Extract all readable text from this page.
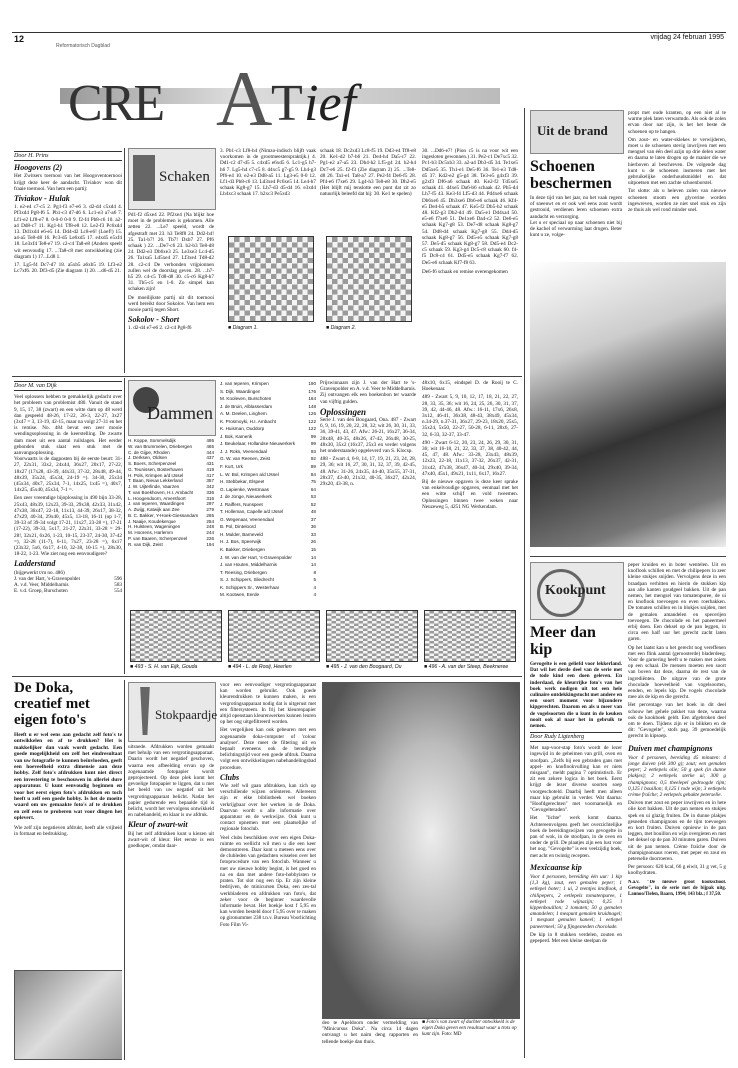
12	vrijdag 24 februari 1995
Reformatorisch Dagblad
CRE A
T ief
Door H. Prins
Hoogovens (2)
Het Zwitsers toernooi van het Hoogoventoernooi krijgt deze keer de aandacht. Tiviakov won dit fraaie toernooi. Van hem een partij:
Tiviakov - Hulak
1. e2-e4 c7-c5 2. Pg1-f3 e7-e6 3. d2-d4 c5xd4 4. Pf3xd4 Pg8-f6 5. Pb1-c3 d7-d6 6. Lc1-e3 a7-a6 7. Lf1-e2 Lf8-e7 8. 0-0-0 0-0 9. f2-f4 Pb8-c6 10. a2-a4 Dd8-c7 11. Kg1-h1 Tf8-e8 12. Le2-f3 Pc6xd4 13. Dd1xd4 e6-e5 14. Dd4-d2 Lc8-e6! (Loef!) 15. a4-a5 Te8-d8 16. Pc3-d5 Le6xd5 17. e4xd5 e5xf4 18. Le3xf4 Te8-e7 19. c2-c4 Ta8-e8 (Anders speelt wit eenvoudig 17. ...Ta8-c8 met ontwikkeling (zie diagram 1) 17...Ld8 1.
17. Lg5-f4 Dc7-d7 18. a5xb5 a6xb5 19. Lf3-e2 Lc7xf6. 20. Df3-d5 (Zie diagram 1) 20. ...d6-d5 21.
Schaken
Pd1-f2 d5xe4 22. Pf2xe4 (Na blijkt hoe moet in de problemen is gekomen. Alle zetten 22. ...Le7 speeld, wordt de afgestraft met 23. h3 Te8f8 24. Dd2-b4! 25. Ta1-b7! 26. Tb7! Dxb7 27. Pf6 schaak ) 22. ...De7-c6 23. b2-b3 Te8-d8 24. Dd2-e3 Db6xe3 25. Le3xe3 Lc4-d5 26. Ta1xa5 Ld5xe4 27. Lf3xe4 Td8-d2 28. c2-c4 De verbonden vrijpionnen zullen wel de doorslag geven. 28. ...h7-h5 29. c4-c5 Td8-d8 30. c5-c6 Kg8-h7 31. Tb5-c5 en 1-0. Zo simpel kan schaken zijn!
De moeilijkste partij uit dit toernooi werd bereikt door Sokolov. Van hem een mooie partij tegen Short.
Sokolov - Short
1. d2-d4 e7-e6 2. c2-c4 Pg8-f6
3. Pb1-c3 Lf8-b4 (Nimzo-indisch blijft vaak voorkomen in de grootmeesterspraktijk.) 4. Dd1-c2 d7-d5 5. c4xd5 e6xd5 6. Lc1-g5 h7-h6 7. Lg5-h4 c7-c5 8. d4xc5 g7-g5 9. Lh4-g3 Pf6-e4 10. e2-e3 Dd8-a5 11. Lg3-e5 0-0 12. Lf1-d3 Pb8-c6 13. Ld3xe4 Pc6xe5 14. Le4-h7 schaak Kg8-g7 15. Lh7-d3 d5-d4 16. e3xd4 Lb4xc3 schaak 17. b2xc3 Pe5xd3
schaak 18. Dc2xd3 Lc8-f5 19. Dd3-e4 Tf8-e8 20. Ke1-d2 b7-b6 21. De4-h4 Da5-c7 22. Pg1-e2 a7-a5 23. Dh4-h2 Lf5-g4 24. h2-h4 Dc7-e6 25. f2-f3 (Zie diagram 2) 25. ...Te8-d8 26. Ta1-e1 Ta8-a7 27. Pe2-f4 De6-f5 28. Pf4-e6 f7xe6 29. Lg4-h3 Te8-e8 30. Dh2-e5 (Het blijft mij tenslotte een punt dat zit zo natuurlijk beleefd dat hij: 30. Ke1 te spelen)
■ Diagram 1.	■ Diagram 2.
30. ...Dd6-e7! (Pion c5 is na voor wit een ingesloten gewonnen.) 31. Pe2-c1 De7xc5 32. Pc1-b3 Dc5xb3 33. a2-a4 Db3-d5 34. Te1xe5 Dd5xe5 35. Th1-e1 De5-f6 36. Te1-e3 Td8-d5 37. Kd2-e2 g5-g4 38. Te3-e5 g4xf3 39. g2xf3 Df6-a6 schaak 40. Ke2-f2 Td5xe5 schaak 41. d4xe5 Da6-b6 schaak 42. Pb5-d4 Lh7-f5 43. Ke3-f4 Lf5-d3 44. Pd4xe6 schaak Db6xe6 45. Dh3xe6 Db6-e6 schaak 46. Kf4-e5 De4-b5 schaak 47. Ke5-f2 Db5-b2 schaak 48. Kf2-g3 Db2-d4 49. Da5-e1 Dd4xa4 50. e5-e6 f7xe6 51. De1xe6 Da4-c2 52. De6-e5 schaak Kg7-g8 53. De7-d8 schaak Kg8-g7 54. Dd8-d4 schaak Kg7-g8 55. Dd4-d5 schaak Kg8-g7 56. Dd5-e5 schaak Kg7-g8 57. De5-d5 schaak Kg8-g7 58. Dd5-e4 Dc2-c5 schaak 59. Kg3-g4 Dc5-c8 schaak 60. f4-f5 Dc8-c4 61. Dd5-e5 schaak Kg7-f7 62. De5-e6 schaak Kf7-f8 63.
De6-f6 schaak en remise overengekomen
Door M. van Dijk
Veel oplossers hebben te gemakkelijk gedacht over het probleem van problemist 480. Vanuit de stand 9, 15, 17, 38 (zwart) en een witte dam op 48 werd dan gespeeld 48-26, 17-22, 26-3, 22-27, 3x27 (3x47 = 3, 13-19, 42-15, maar na volgt 27-31 en het is remise. No. 484 bevat een zeer mooie wendingsoplossing in de keerstelling. De zwarte dam moet uit een aantal ruilslagen. Het eerder gebonden stuk slaat een stuk met de aanvangsoplossing.
Voorwaarts is de dagposten bij de eerste beurt: 31-27, 22x31, 33x2, 24x44, 36x27, 20x17, 27-22, 18x27 (17x28, 43-39, 44x33, 37-32, 28x48, 49-44, 48x39, 35x24, 45x34, 24-19 =). 34-30, 25x34 (45x34, 40x7, 25x34, 7-1, 14x25, 1x45 =), 40x7, 14x25, 45x40, 45x34, 7-1 =.
Een zeer vreemdige bijoplossing in 490 bijn 33-28, 25x43, 48x39, 12x23, 39-33, 29x38, 42x33, 31x42, 47x38, 36x47, 22-18, 11x13, 44-39, 26x17, 38-32, 47x29, 40-34, 29x40, 45x5, 13-18, 16-11 (op 1-7, 39-33 of 39-34 volgt 17-21, 11x27, 23-28 =), 17-21 (17-22), 39-33, 5x17, 21-27, 22x31, 33-28 = 29-28!, 32x21, 6x26, 1-23, 10-15, 23-37, 24-30, 37-42 =), 32-28 (11-7), 6-11, 7x27, 23-28 =), 6x17 (23x32, 5x6, 6x17, 4-10, 32-38, 10-15 =), 28x30, 18-22, 1-23. Wie ziet nog een eenvoudigere?
Ladderstand
(bijgewerkt t/m no. 486)
J. van der Hart, 's-Gravenpolder	596
A. v.d. Veer, Middelharnis	583
E. v.d. Groep, Burschoten	554
Dammen
H. Koppe, Sommelsdijk	495
W. van Brummelen, Driebergen	465
C. de Gijpe, Rhoden	444
J. Derksen, Oldsen	437
S. Boers, Scherpenzeel	431
G. Teunissen, Bosterhaven	419
H. Pols, Krimpen a/d IJssel	417
T. Baan, Nieuw Lekkerland	357
J. W. Uijterlinde, Vaarzen	342
T. van Boekhoven, H.I. Ambacht	336
L. Hoogendoorn, Amersfoort	316
J. van Ieperen, Waardingen	297
A. Zwijg, Katwijk aan Zee	279
B. C. Bakker, Y-Hoek-Giessandam 265
J. Naaije, Koudekerque	254
H. Hulsteen, Wageningen	248
M. Hoorens, Harlemm	244
P. van Baaren, Scherpenzeel	226
R. van Dijk, Zeist	194
J. van Ieperen, Krimpen	190
S. Dijk, Waardingen	176
M. Kooleven, Burschoten	164
J. de Bruin, Alblasserdam	148
A. M. Deelen, Linghem	126
K. Prosmoyki, H.I. Ambacht	122
K. Huisman, Ouddorp	122
J. Bok, Kamerik	99
J. Beukelaar, Hollandse Nieuwerkerk	99
J. J. Roks, Veenendaal	93
G. W. van Reenen, Zeist	92
F. Kurt, Urk	89
L. W. Bol, Krimpen a/d IJssel	84
H. Stebbekar, Elspeet	75
G. Lapienke, Westmaas	64
J. de Jonge, Nieuwerkerk	53
J. Raiffers, Nunspeet	52
T. Holleman, Capelle a/d IJssel	48
G. Wegenaar, Veenendaal	37
B. Pol, Dinteloord	36
H. Mulder, Barneveld	33
H. J. Bos, Speerwijk	26
K. Bakker, Driebergen	15
J. W. van der Hart, 's-Gravenpolder	14
J. van Houten, Middelharnis	14
T. Reesing, Driebergen	8
S. J. Schippers, Sliedrecht	5
K. Schippers Sr., Westerhaar	4
M. Kootwen, Eerde	4
Prijswinnaars zijn J. van der Hart te 's-Gravenpolder en A. v.d. Veer te Middelharnis. Zij ontvangen elk een boekenbon ter waarde van vijftig gulden.
Oplossingen
Serie J. van den Boogaard, Ona. 487 - Zwart 6, 9, 16, 19, 20, 22, 28, 32; wit 26, 30, 31, 33, 36, 39-41, 43, 47. Afw.: 26-21, 16x27, 36-34, 28x48, 40-35, 48x26, 47-42, 26x48, 30-25, 48x30, 35x2 (16x37, 25x3 en verder volgens het onderstaande) opgeleverd van S. Klocsp.
488 - Zwart 4, 6-8, 14, 17, 19, 21, 23, 24, 28, 29, 36; wit 16, 27, 30, 31, 32, 37, 39, 42-45, 48. Afw.: 31-26, 24x35, 44-40, 35x55, 37-31, 28x37, 43-40, 21x32, 40-35, 36x27, 42x24, 29x20, 43-38, n.
48x10, 6x15, eindspel D. de Rooij te C. Hoekenaar.
489 - Zwart 5, 9, 10, 12, 17, 18, 21, 22, 27, 28, 33, 35, 36; wit 16, 24, 25, 26, 30, 31, 37, 39, 42, 44-46, 48. Afw.: 16-11, 17x6, 26x8, 3x12, 46-41, 36x38, 48-43, 38x49, 45x34, n.34-29, n.37-31, 36x27, 29-23, 18x20, 25x5, 35x24, 5x50, 22-27, 50-28, 6-11, 28x6, 27-32, 6-33, 32-37, 33-47.
490 - Zwart 6-12, 20, 23, 24, 26, 29, 30, 31, 36; wit 16-18, 21, 22, 33, 37, 38, 40-42, 44, 45, 47, 48. Afw.: 33-28, 23x43, 48x39, 12x23, 22-18, 11x13, 37-32, 26x37, 42-31, 31x42, 47x38, 36x47, 40-34, 29x40, 39-34, 47x40, 45x1, 49x21, 1x11, 6x17, 16x27.
Bij de nieuwe opgaven is deze keer sprake van enkelvoudige opgaven, eenmaal met het een witte schijf en vold tweemen. Oplossingen binnen twee weken naar Neuzeweg 5, 4251 NG Werkendam.
■ 493 - S. H. van Eijk, Gouda	■ 494 - L. de Rooij, Heerlen	■ 495 - J. van den Boogaard, Ou	■ 496 - A. van der Steep, Beekneree
De Doka, creatief met eigen foto's
Heeft u er wel eens aan gedacht zelf foto's te ontwikkelen en af te drukken? Het is makkelijker dan vaak wordt gedacht. Een goede mogelijkheid om zelf het eindresultaat van uw fotografie te kunnen beïnvloeden, geeft een hoeveelheid extra dimensie aan deze hobby. Zelf foto's afdrukken kunt niet direct een investering te beschouwen in allerlei dure apparatuur. U kunt eenvoudig beginnen en voor het eerst eigen foto's afdrukken en toch heeft u zelf een goede hobby. Is het de moeite waard om uw gemaakte foto's af te drukken en zelf eens te proberen wat voor dingen het oplevert.
Wie zelf zijn negatieven afdrukt, heeft alle vrijheid in formaat en bedrukking.
Stokpaardje
uitsnede. Afdrukken worden gemaakt met behulp van een vergrotingsapparaat. Daarin wordt het negatief geschoven, waarna een afbeelding ervan op de zogenaamde fotopapier wordt geprojecteerd. Op deze plek komt het gevoelige fotopapier te liggen, dat u met het beeld van uw negatief uit het vergrotingsapparaat belicht. Nadat het papier gedurende een bepaalde tijd is belicht, wordt het vervolgens ontwikkeld en nabehandeld, en klaar is uw afdruk.
Kleur of zwart-wit
Bij het zelf afdrukken kunt u kiezen uit zwart-wit of kleur. Het eerste is een goedkoper, omdat daar-
voor een eenvoudiger vergrotingsapparaat kan worden gebruikt. Ook goede kleurendrukken te kunnen maken, is een vergrotingsapparaat nodig dat is uitgerust met een filtersysteem. In frij het kleurenpapier altijd openstaan kleurenwerken kunnen leuren op het oog uitgefiltreerd worden.
Het vergelijken kan ook gebeuren met een zogenaamde doka-computer of 'colour analyser'. Deze meet de filtering uit en bepaalt eveneens ook de benodigde belichtingstijd voor een goede afdruk. Daarna volgt een ontwikkelingsen nabehandelingsbad procedure.
Clubs
Wie zelf wil gaan afdrukken, kan zich op verschillende wijzen oriënteren. Allereerst zijn er elke bibliotheek wel boeken verkrijgbaar over het werken in de Doka. Daarvan wordt u alle informatie over apparatuur en de werkwijze. Ook kunt u contact opnemen met een plaatselijke of regionale fotoclub.
Veel clubs beschikken over een eigen Doka-ruimte en wellicht wil men u die een keer demonstreren. Daar kunt u meteen eens over de clubleden van gedachten wisselen over het fotoprocedure van een fotoclub. Wanneer u met uw nieuwe hobby begint, is het goed en na en dan met andere foto-hobbyisten te praten. Tot slot nog een tip. Er zijn kleine bedrijven, de minicursen Doka, een zes-tal werkbladeren en afdrukken van foto's, dat zeker voor de beginner waardevolle informatie bevat. Het boekje kost f 5,95 en kan worden besteld door f 5,95 over te maken op gironummer 238 t.n.v. Bureau Voorlichting Foto Film Vi-
deo te Apeldoorn onder vermelding van "Minicursus Doka". Na circa 14 dagen ontvangt u het naim deng rapporten en tellende boekje dan thuis.
■ Foto's van zwart of duchter ontwikkeld is de eigen Doka geven een resultaat waar u trots op kunt zijn. Foto: MD
Uit de brand
Schoenen beschermen
In deze tijd van het jaar, nu het vaak regent of sneeuwt en er ook wel eens zout wordt gestrooid, verdienen leren schoenen extra aandacht en verzorging.
Let u er speciaal op naar schoenen niet bij de kachel of verwarming laat drogen. Beter kunt u ze, volge-
propt met oude kranten, op een niet al te warme plek laten verwarmdn. Als ook de zolen ervan door nat zijn, is het het beste de schoenen op te hangen.
Om zout- en water-sklekes te verwijderen, moet u de schoenen stevig inwrijven met een mengsel van één deel azijn op drie delen water en daarna te laten drogen op de manier die we hierboven al beschreven. De volgende dag kunt u de schoenen insmeren met het gebruikelijke onderhoudsmiddel en dat uitpoetsen met een zachte schoenborstel.
Tot slotte: als u heleven zolen van nieuwe schoenen stoom een glycerine worden ingewreven, worden ze niet snel stuk en zijn ze thuis als wel rond minder snel.
Kookpunt
Meer dan kip
Gevogelte is een geliefd voor lekkerland. Dat wil het derde deel van de serie met de tode kind een doen geleven. En inderdaad, de kleurrijke foto's van het boek werk nodigen uit tot een hele culinaire ontdekkingstocht met andere en een soort moment voor bijzondere kipgerechten. Daarom en als u meer van de vogelsoorten die u kunt in de keuken nooit ook al naar het in gebruik te nemen.
Door Rudy Ligtenberg
Met nap-voor-stap foto's wordt de lezer ingewijd in de geheimen van grill, oven en stoofpan. „Zelfs bij een gebraden gans met appel- en knoflookvulling kan er niets misgaan", meldt pagina 7 optimistisch. Er zit een zekere logica in het boek. Eerst krijgt de lezer diverse soorten soep voorgeschoteld. Daarbij heeft men alleen maar kip gebruikt in verder. Wat daarna: "Hoofdgerechten" met voornamelijk en "Gevogelteraden".
Het "lichte" werk komt daarna. Achtereenvolgens geeft het overzichtelijke boek de bereidingswijzen van gevogelte in pan of wok, in de stoofpan, in de oven en onder de grill. De plaatjes zijn een lust voor het oog. "Gevogelte" is een veelzijdig boek, met acht en twintig recepten.
Mexicaanse kip
Voor 4 personen, bereiding één uur: 1 kip (1,3 kg), zout, een gemalen peper; 1 eetlepel boter; 1 ui, 2 teentjes knoflook, 4 chilipepers, 2 eetlepels tomatenpuree, 1 eetlepel rode wijnazijn; 0,25 l kippenbouillon; 2 tomaten; 50 g gemalen amandelen; 1 mespunt gemalen kruidnagel; 1 mespunt gemalen kaneel; 1 eetlepel paneermeel; 50 g fijngesneden chocolade.
De kip in 8 stukken verdelen, zouten en gepeperd. Met een kleine steelpan de
peper kruiden en in boter wentelen. Uit en knoflook schillen en met de chilipepers in zeer kleine stukjes snijden. Vervolgens deze in een braadpan verhitten en hierin de stukken kip aan alle kanten goudgeel bakken. Uit de pan nemen, het mengsel van tomatenpuree, de ui en knoflook toevoegen en even roerbakken. De tomaten schillen en in blokjes snijden, met de gemalen amandelen en specerijen toevoegen. De chocolade en het paneermeel erbij doen. Een deksel op de pan leggen, in circa een half uur het gerecht zacht laten garen.
Op het laatst kan u het gerecht nog vereffenen met een flink aantal (geroosterde) bladerdeeg. Voor de garnering heeft u te maken met zoiets op een schaal. De mensen moeten een soort van boven dat deze, daarna de rest van de ingrediënten. De uitgave van de grote chocolade hoeveelheid van vogelsoorten, eenden, en lepels kip. De vogels chocolade mee als de kip en die gerecht.
Het percentage van het boek in dit deel schouw het gehele pakket van deze, waarna ook de kookboek geldt. Een afgebroken deel om te doen. Tijdens zijn er in blikken en de dit: "Gevogelte", stofs pag. 39 gemoedelijk gerecht in kipsoep.
Duiven met champignons
Voor 4 personen, bereiding 45 minuten: 4 jonge duiven (elk 300 g); zout; een gemalen peper; 2 eetlepels olie; 50 g spek (in dunne plakjes); 2 eetlepels sterke ui; 300 g champignons; 0,5 theelepel gedroogde tijm; 0,125 l bouillon; 0,125 l rode wijn; 3 eetlepels crème fraîche; 2 eetlepels gehakte peterselie.
Duiven met zout en peper inwrijven en in hete olie kort bakken. Uit de pan nemen en stukjes spek en ui glazig fruiten. De in dunne plakjes gesneden champignons en de tijm toevoegen en kort fruiten. Duiven opnieuw in de pan leggen, met bouillon en wijn overgieten en met het deksel op de pan 30 minuten garen. Duiven uit de pan nemen. Crème fraîche door de champignonsaus roeren, met peper en zout en peterselie doorroeren.
Per persoon: 620 kcal, 66 g eiwit, 31 g vet, 5 g koolhydraten.
N.a.v. "De nieuwe groot kookschool. Gevogelte", in de serie met de bijpak uitg. Lannoo/Tielen, Baarn, 1994; 143 blz.; f 37,50.
